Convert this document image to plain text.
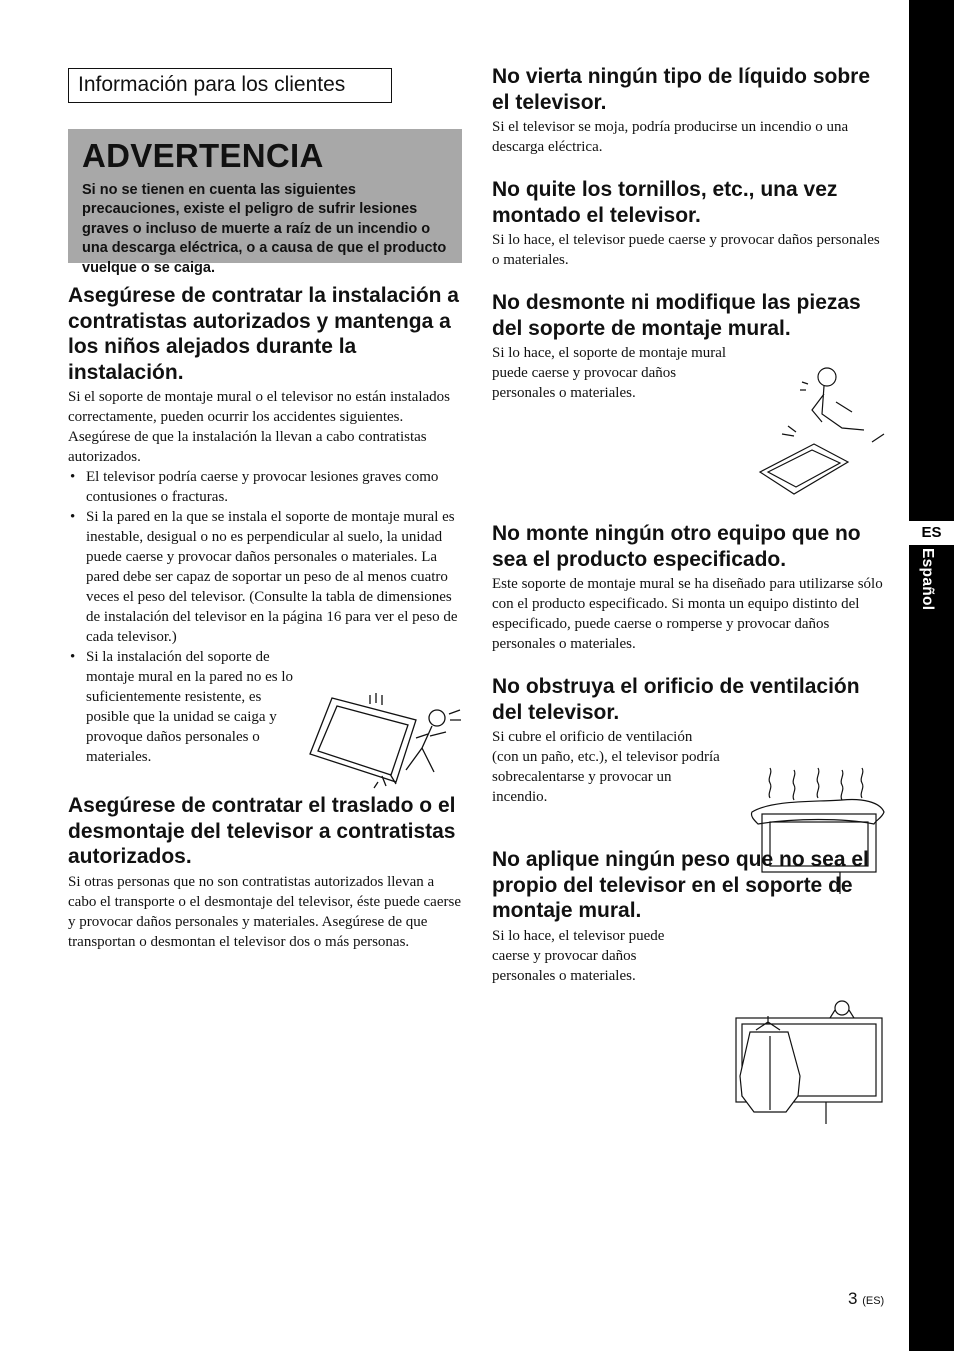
ES
Español
Información para los clientes
ADVERTENCIA

Si no se tienen en cuenta las siguientes precauciones, existe el peligro de sufrir lesiones graves o incluso de muerte a raíz de un incendio o una descarga eléctrica, o a causa de que el producto vuelque o se caiga.

Asegúrese de contratar la instalación a contratistas autorizados y mantenga a los niños alejados durante la instalación.

Si el soporte de montaje mural o el televisor no están instalados correctamente, pueden ocurrir los accidentes siguientes. Asegúrese de que la instalación la llevan a cabo contratistas autorizados.

• El televisor podría caerse y provocar lesiones graves como contusiones o fracturas.
• Si la pared en la que se instala el soporte de montaje mural es inestable, desigual o no es perpendicular al suelo, la unidad puede caerse y provocar daños personales o materiales. La pared debe ser capaz de soportar un peso de al menos cuatro veces el peso del televisor. (Consulte la tabla de dimensiones de instalación del televisor en la página 16 para ver el peso de cada televisor.)
• Si la instalación del soporte de montaje mural en la pared no es lo suficientemente resistente, es posible que la unidad se caiga y provoque daños personales o materiales.
Asegúrese de contratar el traslado o el desmontaje del televisor a contratistas autorizados.

Si otras personas que no son contratistas autorizados llevan a cabo el transporte o el desmontaje del televisor, éste puede caerse y provocar daños personales y materiales. Asegúrese de que transportan o desmontan el televisor dos o más personas.

No vierta ningún tipo de líquido sobre el televisor.

Si el televisor se moja, podría producirse un incendio o una descarga eléctrica.

No quite los tornillos, etc., una vez montado el televisor.

Si lo hace, el televisor puede caerse y provocar daños personales o materiales.

No desmonte ni modifique las piezas del soporte de montaje mural.

Si lo hace, el soporte de montaje mural puede caerse y provocar daños personales o materiales.

No monte ningún otro equipo que no sea el producto especificado.

Este soporte de montaje mural se ha diseñado para utilizarse sólo con el producto especificado. Si monta un equipo distinto del especificado, puede caerse o romperse y provocar daños personales o materiales.

No obstruya el orificio de ventilación del televisor.

Si cubre el orificio de ventilación (con un paño, etc.), el televisor podría sobrecalentarse y provocar un incendio.

No aplique ningún peso que no sea el propio del televisor en el soporte de montaje mural.

Si lo hace, el televisor puede caerse y provocar daños personales o materiales.

3 (ES)
